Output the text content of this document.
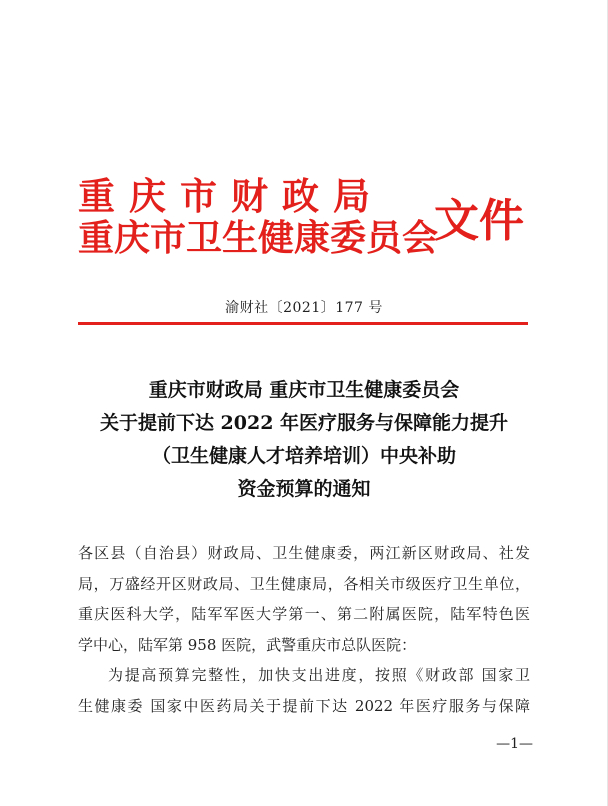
重庆市财政局
重庆市卫生健康委员会
文件
渝财社〔2021〕177 号
重庆市财政局 重庆市卫生健康委员会
关于提前下达 2022 年医疗服务与保障能力提升
（卫生健康人才培养培训）中央补助
资金预算的通知
各区县（自治县）财政局、卫生健康委，两江新区财政局、社发
局，万盛经开区财政局、卫生健康局，各相关市级医疗卫生单位，
重庆医科大学，陆军军医大学第一、第二附属医院，陆军特色医
学中心，陆军第 958 医院，武警重庆市总队医院：
为提高预算完整性，加快支出进度，按照《财政部 国家卫
生健康委 国家中医药局关于提前下达 2022 年医疗服务与保障
—1—
